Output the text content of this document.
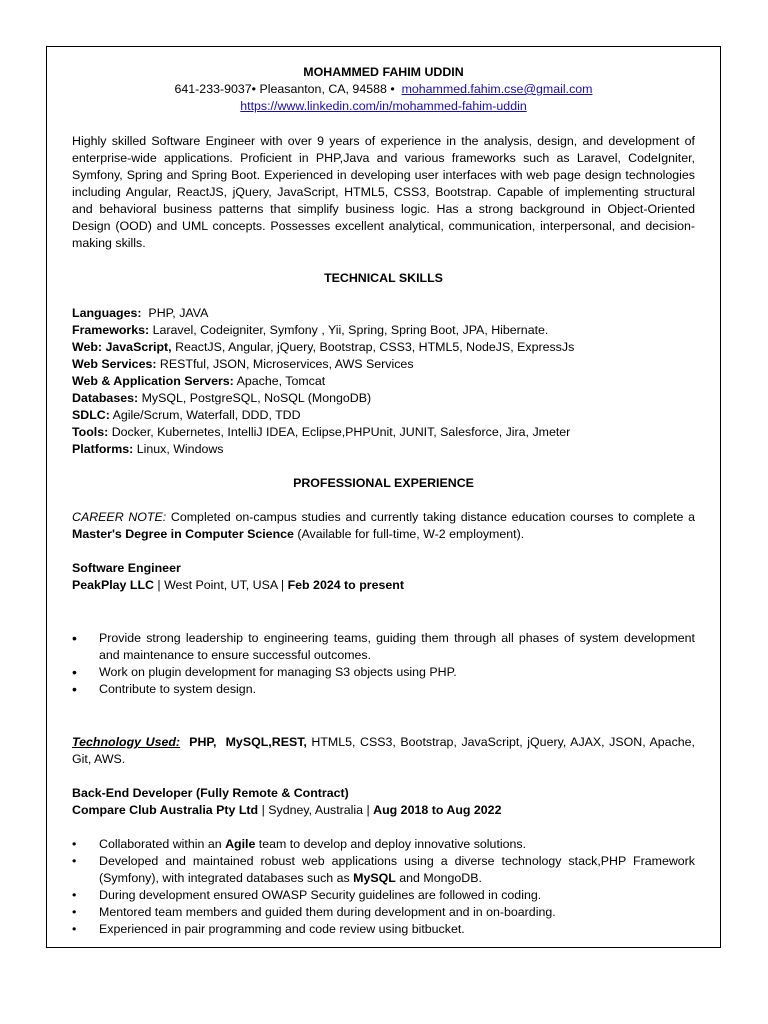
MOHAMMED FAHIM UDDIN
641-233-9037• Pleasanton, CA, 94588 • mohammed.fahim.cse@gmail.com
https://www.linkedin.com/in/mohammed-fahim-uddin

Highly skilled Software Engineer with over 9 years of experience in the analysis, design, and development of enterprise-wide applications. Proficient in PHP,Java and various frameworks such as Laravel, CodeIgniter, Symfony, Spring and Spring Boot. Experienced in developing user interfaces with web page design technologies including Angular, ReactJS, jQuery, JavaScript, HTML5, CSS3, Bootstrap. Capable of implementing structural and behavioral business patterns that simplify business logic. Has a strong background in Object-Oriented Design (OOD) and UML concepts. Possesses excellent analytical, communication, interpersonal, and decision-making skills.

TECHNICAL SKILLS
Languages:  PHP, JAVA
Frameworks: Laravel, Codeigniter, Symfony , Yii, Spring, Spring Boot, JPA, Hibernate.
Web: JavaScript, ReactJS, Angular, jQuery, Bootstrap, CSS3, HTML5, NodeJS, ExpressJs
Web Services: RESTful, JSON, Microservices, AWS Services
Web & Application Servers: Apache, Tomcat
Databases: MySQL, PostgreSQL, NoSQL (MongoDB)
SDLC: Agile/Scrum, Waterfall, DDD, TDD
Tools: Docker, Kubernetes, IntelliJ IDEA, Eclipse,PHPUnit, JUNIT, Salesforce, Jira, Jmeter
Platforms: Linux, Windows
PROFESSIONAL EXPERIENCE

CAREER NOTE: Completed on-campus studies and currently taking distance education courses to complete a Master's Degree in Computer Science (Available for full-time, W-2 employment).

Software Engineer
PeakPlay LLC | West Point, UT, USA | Feb 2024 to present
• Provide strong leadership to engineering teams, guiding them through all phases of system development and maintenance to ensure successful outcomes.
• Work on plugin development for managing S3 objects using PHP.
• Contribute to system design.

Technology Used:  PHP,  MySQL,REST, HTML5, CSS3, Bootstrap, JavaScript, jQuery, AJAX, JSON, Apache, Git, AWS.

Back-End Developer (Fully Remote & Contract)
Compare Club Australia Pty Ltd | Sydney, Australia | Aug 2018 to Aug 2022
• Collaborated within an Agile team to develop and deploy innovative solutions.
• Developed and maintained robust web applications using a diverse technology stack,PHP Framework (Symfony), with integrated databases such as MySQL and MongoDB.
• During development ensured OWASP Security guidelines are followed in coding.
• Mentored team members and guided them during development and in on-boarding.
• Experienced in pair programming and code review using bitbucket.
